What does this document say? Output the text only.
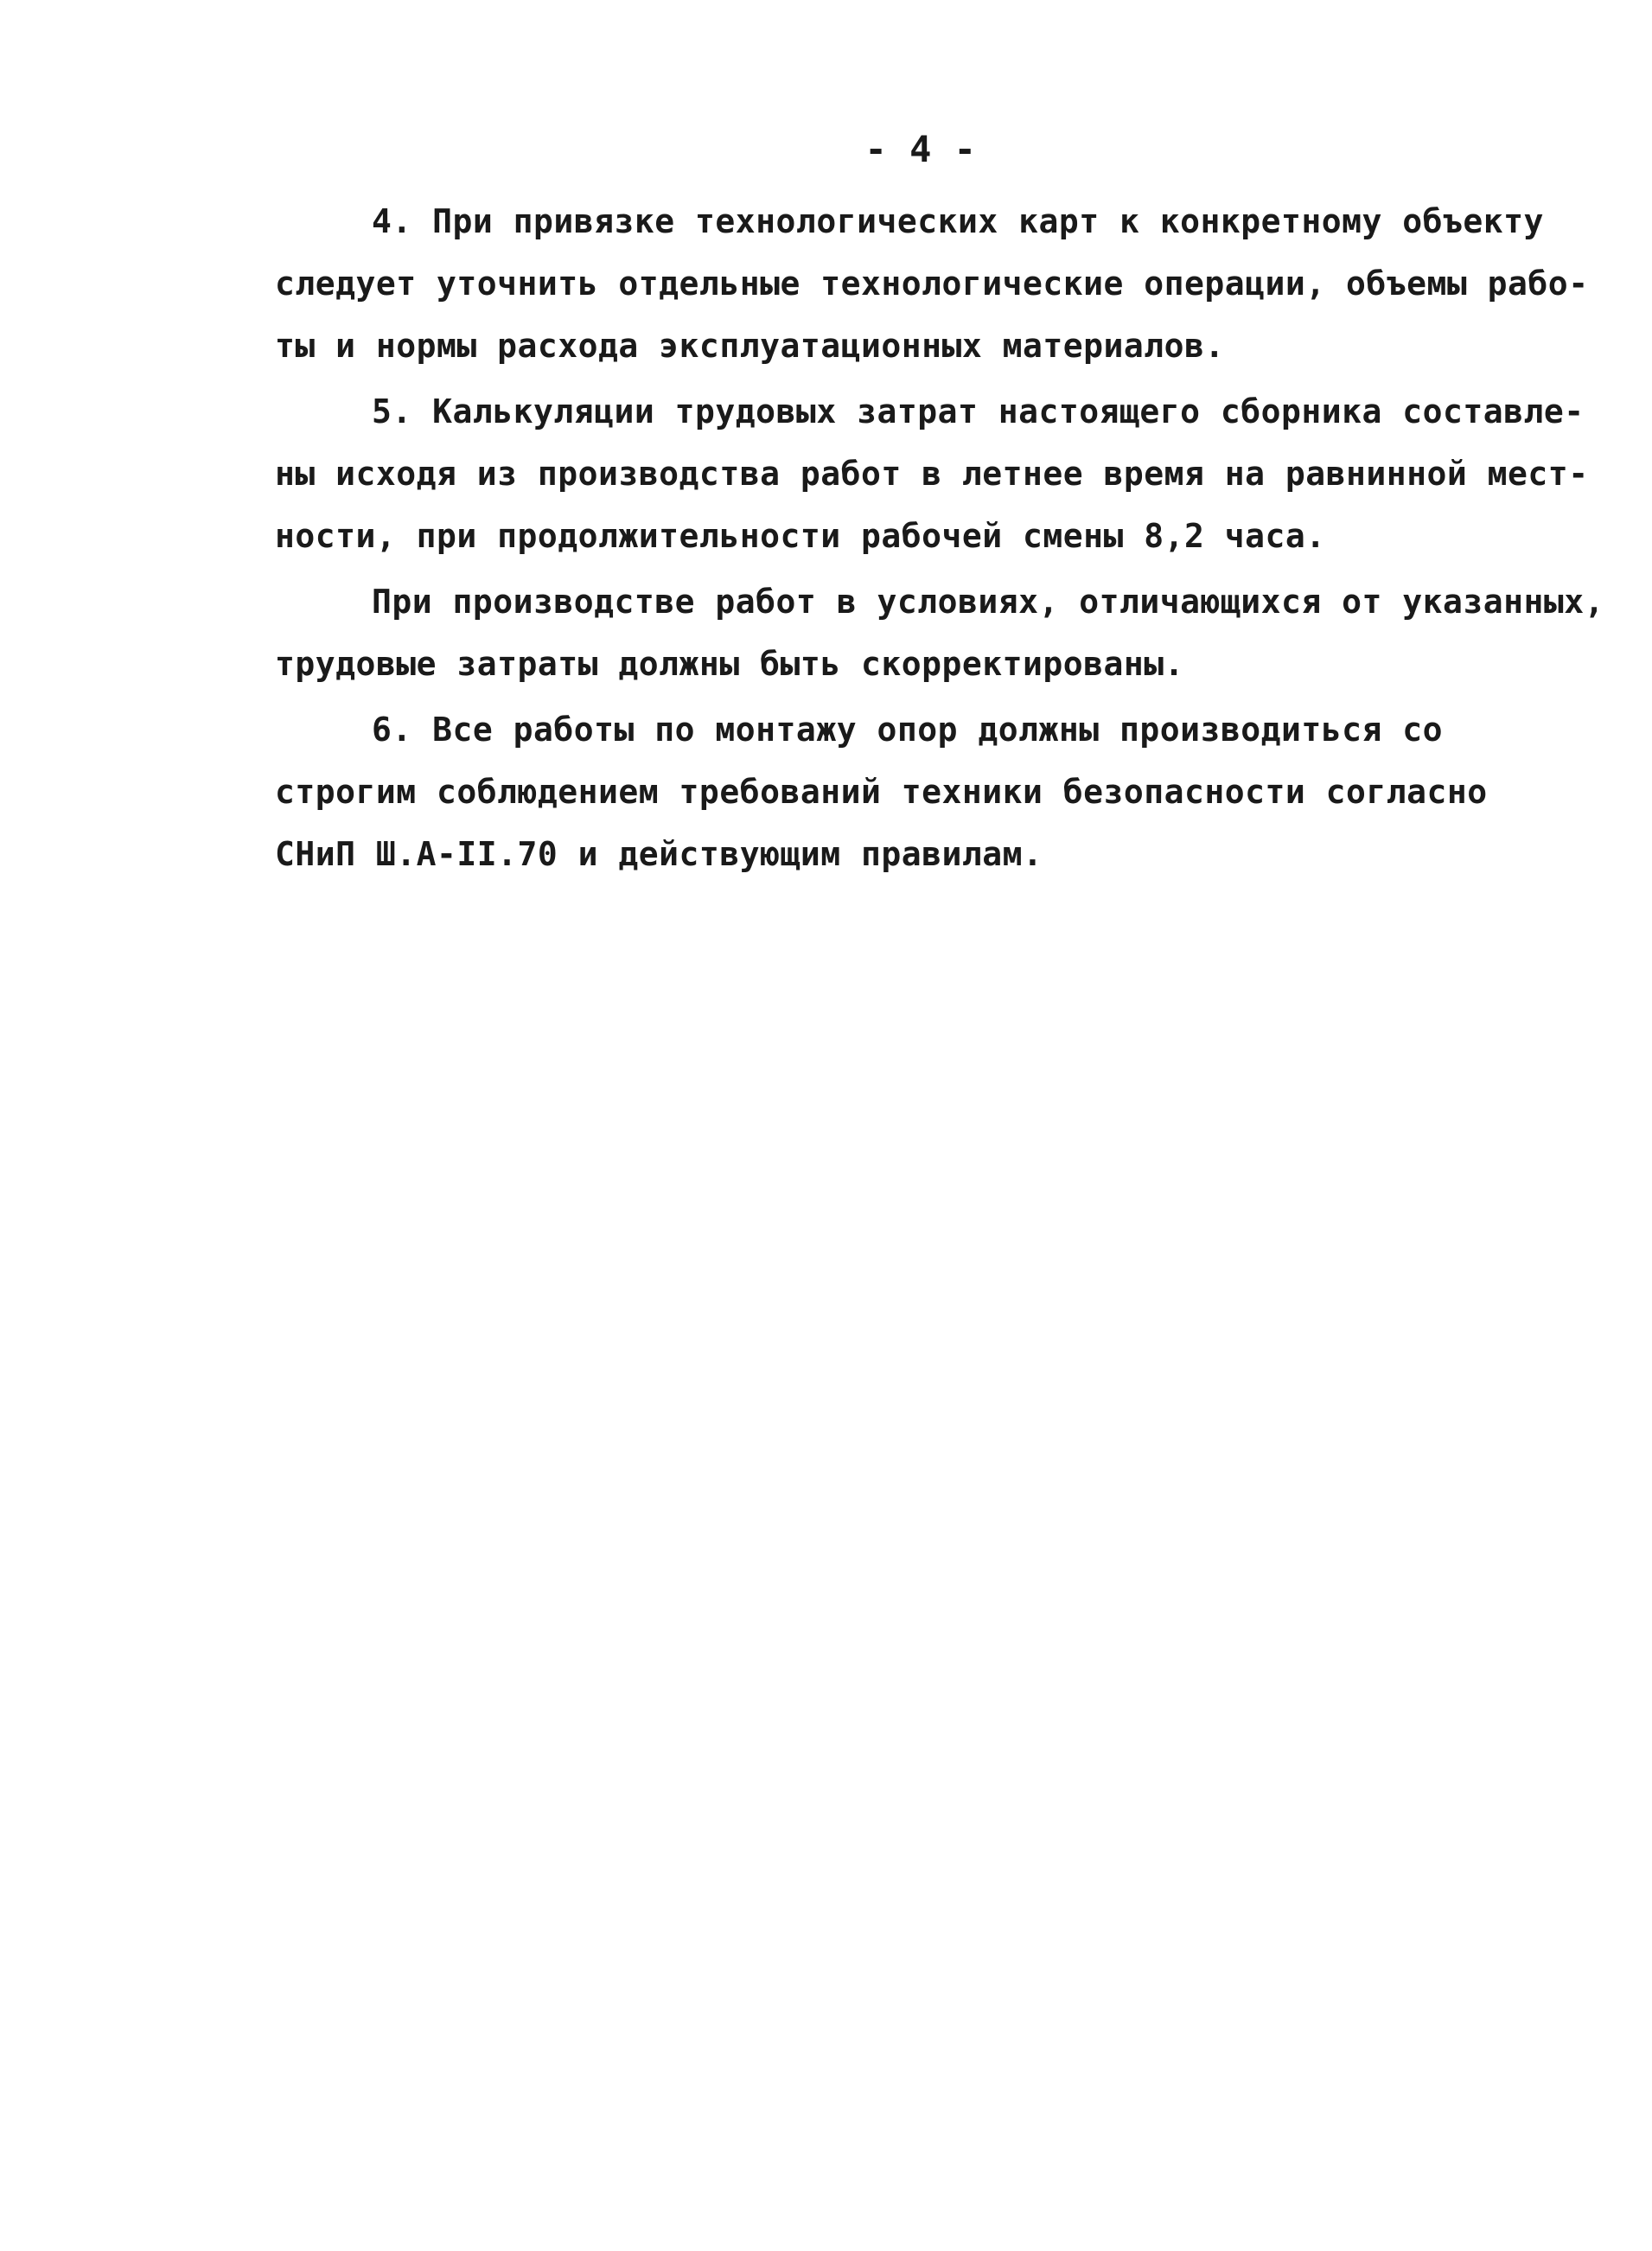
- 4 -
4. При привязке технологических карт к конкретному объекту
следует уточнить отдельные технологические операции, объемы рабо-
ты и нормы расхода эксплуатационных материалов.
5. Калькуляции трудовых затрат настоящего сборника составле-
ны исходя из производства работ в летнее время на равнинной мест-
ности, при продолжительности рабочей смены 8,2 часа.
При производстве работ в условиях, отличающихся от указанных,
трудовые затраты должны быть скорректированы.
6. Все работы по монтажу опор должны производиться со
строгим соблюдением требований техники безопасности согласно
СНиП Ш.А-II.70 и действующим правилам.
